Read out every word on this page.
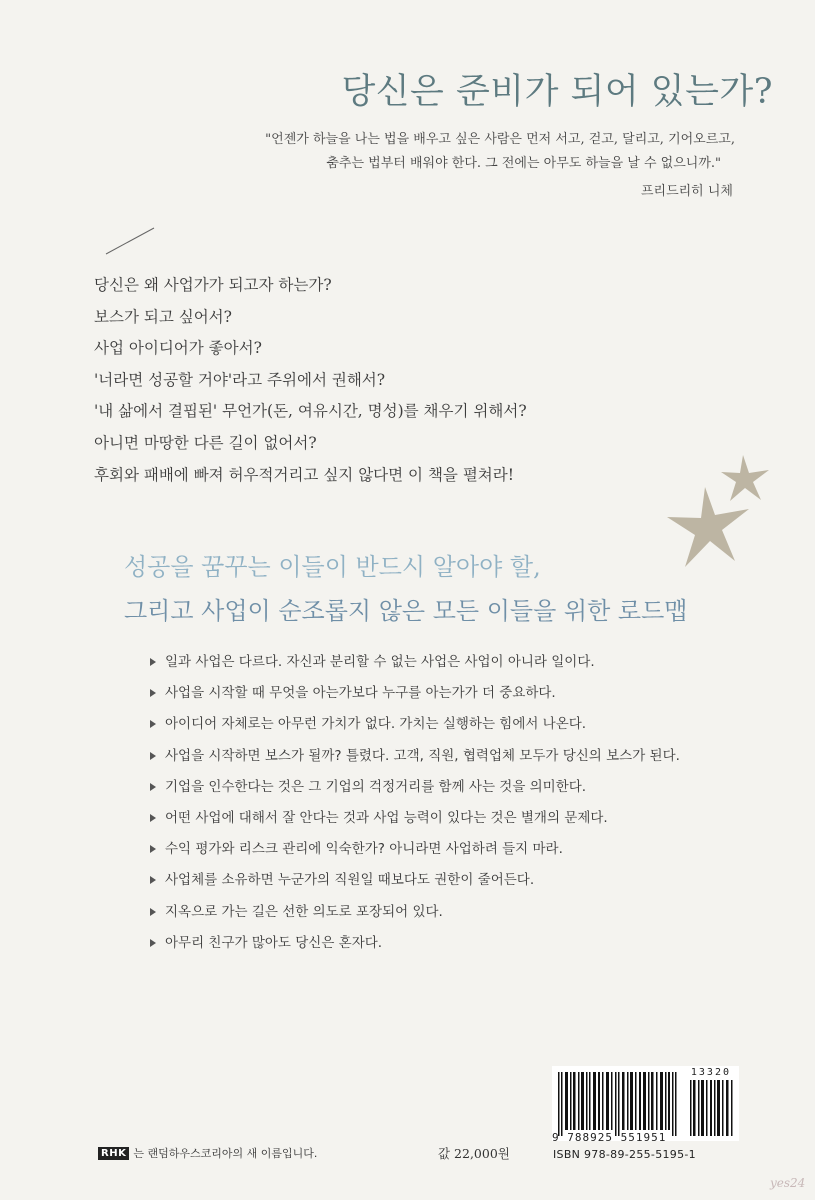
당신은 준비가 되어 있는가?
"언젠가 하늘을 나는 법을 배우고 싶은 사람은 먼저 서고, 걷고, 달리고, 기어오르고,
춤추는 법부터 배워야 한다. 그 전에는 아무도 하늘을 날 수 없으니까."
프리드리히 니체
당신은 왜 사업가가 되고자 하는가?
보스가 되고 싶어서?
사업 아이디어가 좋아서?
'너라면 성공할 거야'라고 주위에서 권해서?
'내 삶에서 결핍된' 무언가(돈, 여유시간, 명성)를 채우기 위해서?
아니면 마땅한 다른 길이 없어서?
후회와 패배에 빠져 허우적거리고 싶지 않다면 이 책을 펼쳐라!
성공을 꿈꾸는 이들이 반드시 알아야 할,
그리고 사업이 순조롭지 않은 모든 이들을 위한 로드맵
일과 사업은 다르다. 자신과 분리할 수 없는 사업은 사업이 아니라 일이다.
사업을 시작할 때 무엇을 아는가보다 누구를 아는가가 더 중요하다.
아이디어 자체로는 아무런 가치가 없다. 가치는 실행하는 힘에서 나온다.
사업을 시작하면 보스가 될까? 틀렸다. 고객, 직원, 협력업체 모두가 당신의 보스가 된다.
기업을 인수한다는 것은 그 기업의 걱정거리를 함께 사는 것을 의미한다.
어떤 사업에 대해서 잘 안다는 것과 사업 능력이 있다는 것은 별개의 문제다.
수익 평가와 리스크 관리에 익숙한가? 아니라면 사업하려 들지 마라.
사업체를 소유하면 누군가의 직원일 때보다도 권한이 줄어든다.
지옥으로 가는 길은 선한 의도로 포장되어 있다.
아무리 친구가 많아도 당신은 혼자다.
RHK 는 랜덤하우스코리아의 새 이름입니다.	값 22,000원
13320
9 788925 551951
ISBN 978-89-255-5195-1
yes24
